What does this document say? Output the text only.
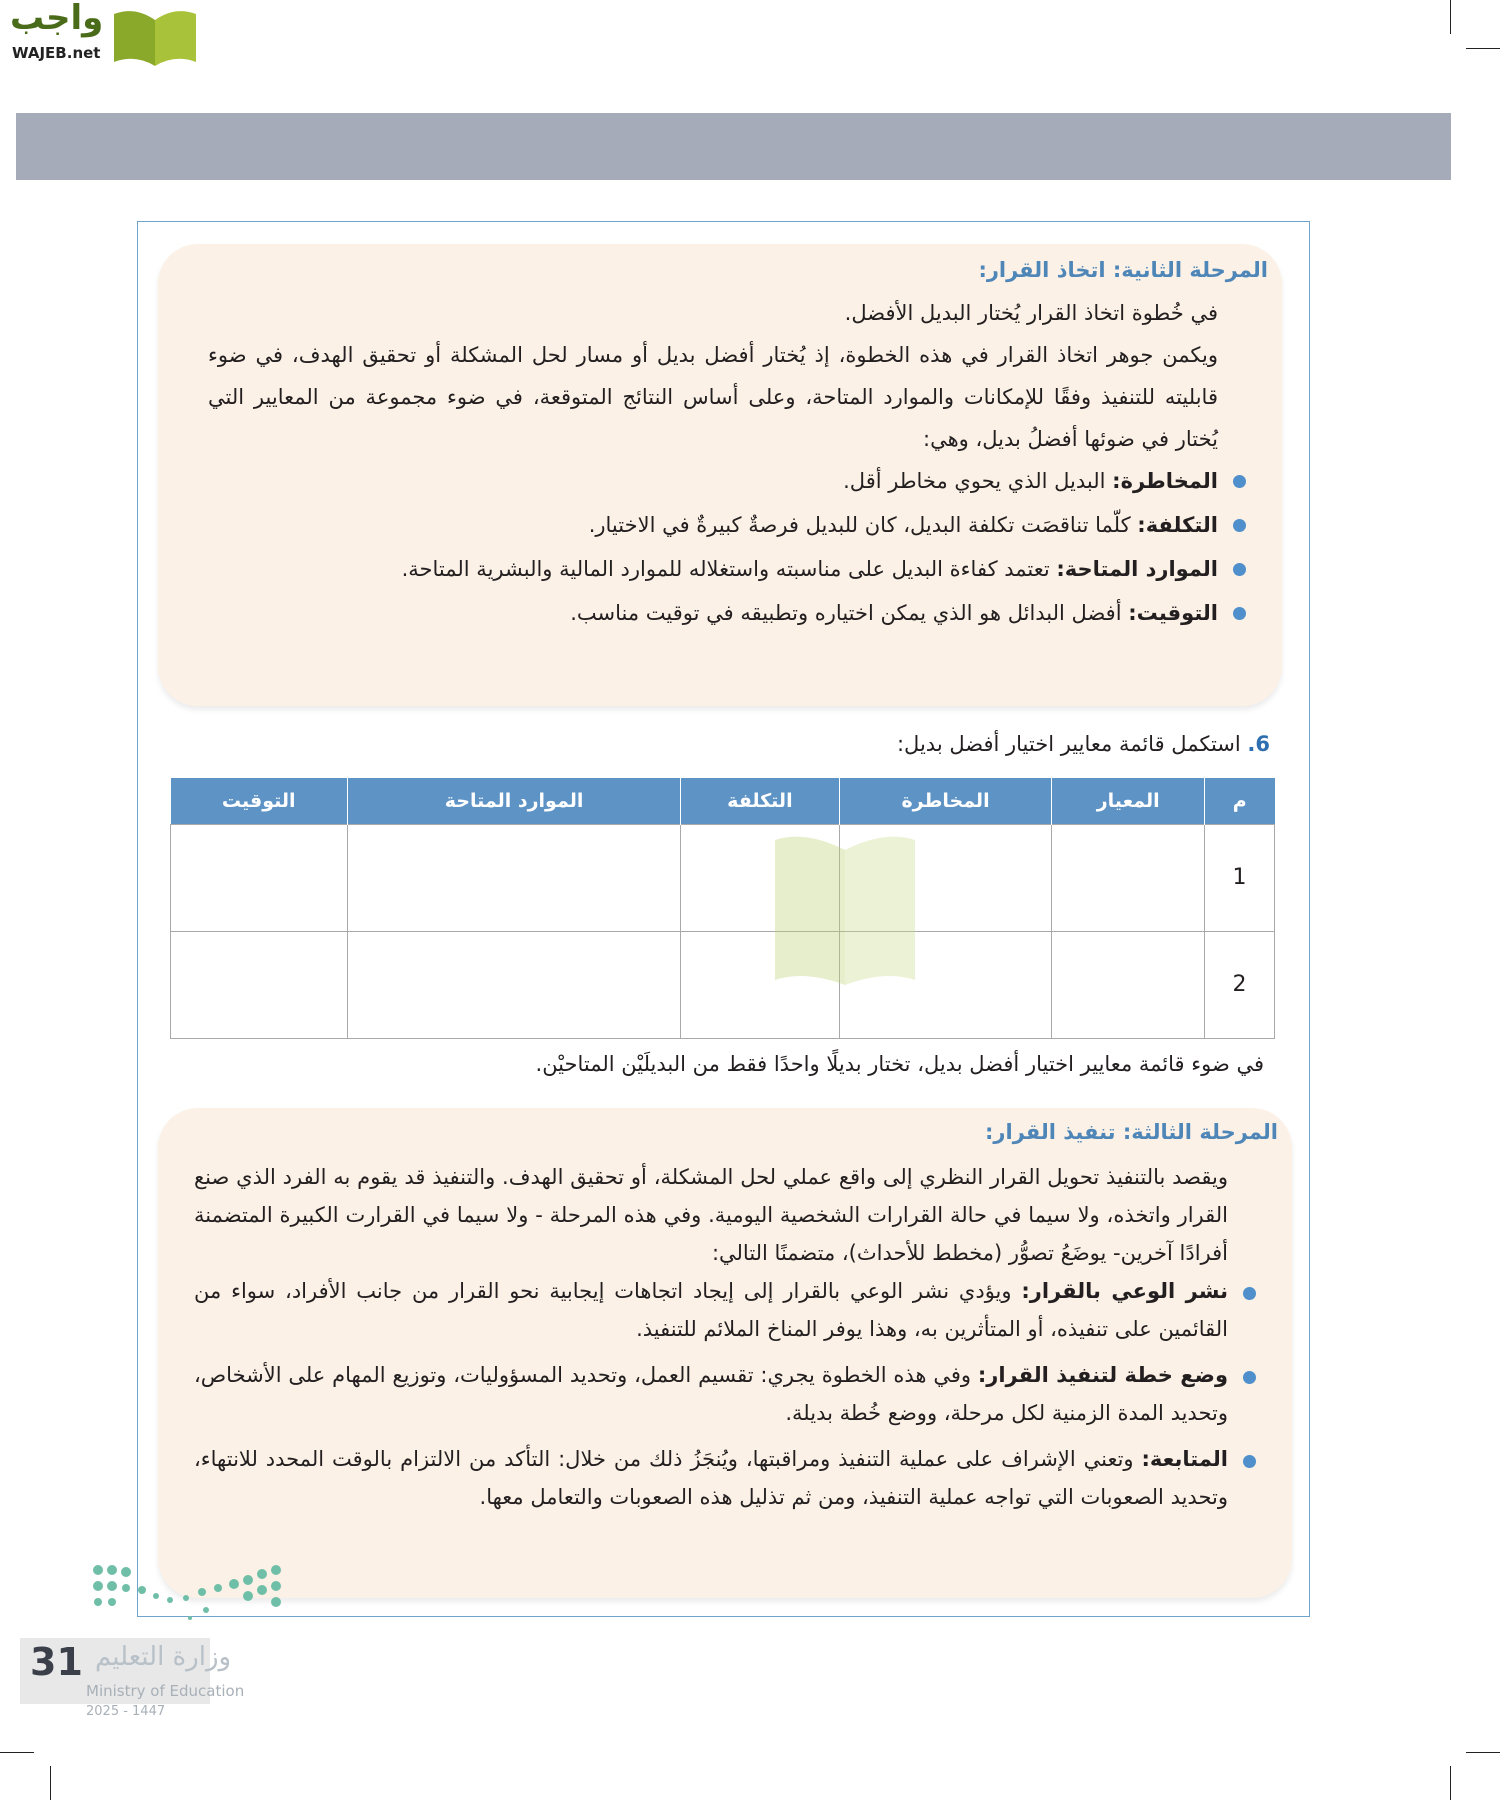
واجب
WAJEB.net
المرحلة الثانية: اتخاذ القرار:

في خُطوة اتخاذ القرار يُختار البديل الأفضل.

ويكمن جوهر اتخاذ القرار في هذه الخطوة، إذ يُختار أفضل بديل أو مسار لحل المشكلة أو تحقيق الهدف، في ضوء قابليته للتنفيذ وفقًا للإمكانات والموارد المتاحة، وعلى أساس النتائج المتوقعة، في ضوء مجموعة من المعايير التي يُختار في ضوئها أفضلُ بديل، وهي:

المخاطرة: البديل الذي يحوي مخاطر أقل.
التكلفة: كلّما تناقصَت تكلفة البديل، كان للبديل فرصةٌ كبيرةٌ في الاختيار.
الموارد المتاحة: تعتمد كفاءة البديل على مناسبته واستغلاله للموارد المالية والبشرية المتاحة.
التوقيت: أفضل البدائل هو الذي يمكن اختياره وتطبيقه في توقيت مناسب.
6. استكمل قائمة معايير اختيار أفضل بديل:
م	المعيار	المخاطرة	التكلفة	الموارد المتاحة	التوقيت
1					
2					
في ضوء قائمة معايير اختيار أفضل بديل، تختار بديلًا واحدًا فقط من البديلَيْن المتاحيْن.
المرحلة الثالثة: تنفيذ القرار:

ويقصد بالتنفيذ تحويل القرار النظري إلى واقع عملي لحل المشكلة، أو تحقيق الهدف. والتنفيذ قد يقوم به الفرد الذي صنع القرار واتخذه، ولا سيما في حالة القرارات الشخصية اليومية. وفي هذه المرحلة - ولا سيما في القرارت الكبيرة المتضمنة أفرادًا آخرين- يوضَعُ تصوُّر (مخطط للأحداث)، متضمنًا التالي:

نشر الوعي بالقرار: ويؤدي نشر الوعي بالقرار إلى إيجاد اتجاهات إيجابية نحو القرار من جانب الأفراد، سواء من القائمين على تنفيذه، أو المتأثرين به، وهذا يوفر المناخ الملائم للتنفيذ.
وضع خطة لتنفيذ القرار: وفي هذه الخطوة يجري: تقسيم العمل، وتحديد المسؤوليات، وتوزيع المهام على الأشخاص، وتحديد المدة الزمنية لكل مرحلة، ووضع خُطة بديلة.
المتابعة: وتعني الإشراف على عملية التنفيذ ومراقبتها، ويُنجَزُ ذلك من خلال: التأكد من الالتزام بالوقت المحدد للانتهاء، وتحديد الصعوبات التي تواجه عملية التنفيذ، ومن ثم تذليل هذه الصعوبات والتعامل معها.
31 وزارة التعليم
Ministry of Education
2025 - 1447
